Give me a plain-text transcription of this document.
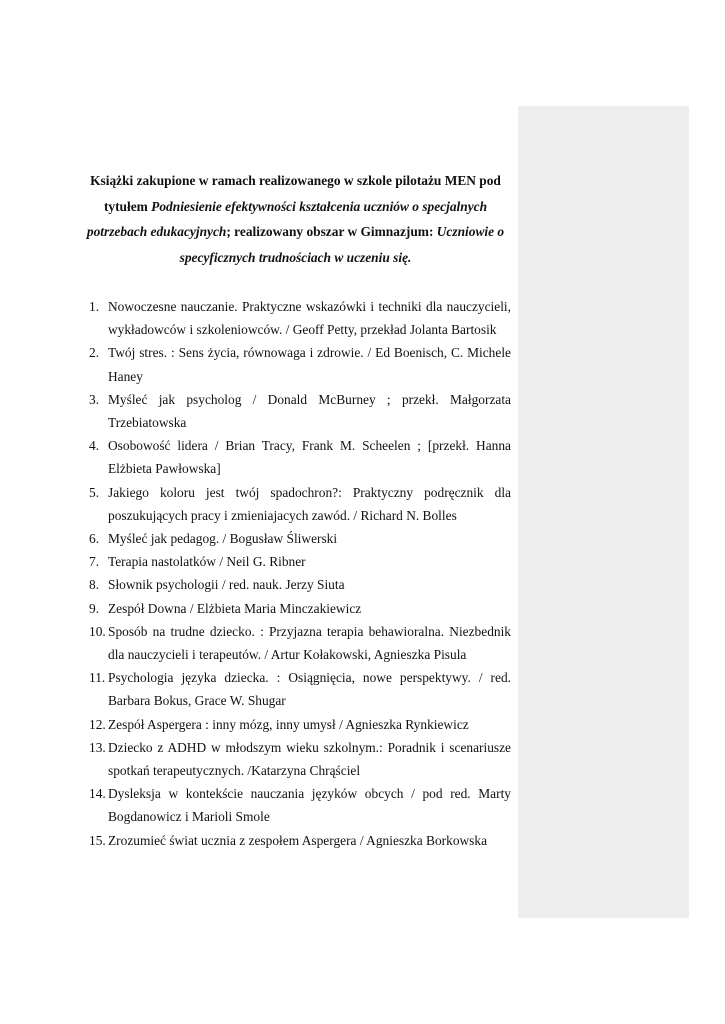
Książki zakupione w ramach realizowanego w szkole pilotażu MEN pod tytułem Podniesienie efektywności kształcenia uczniów o specjalnych potrzebach edukacyjnych; realizowany obszar w Gimnazjum: Uczniowie o specyficznych trudnościach w uczeniu się.

1. Nowoczesne nauczanie. Praktyczne wskazówki i techniki dla nauczycieli, wykładowców i szkoleniowców. / Geoff Petty, przekład Jolanta Bartosik
2. Twój stres. : Sens życia, równowaga i zdrowie. / Ed Boenisch, C. Michele Haney
3. Myśleć jak psycholog / Donald McBurney ; przekł. Małgorzata Trzebiatowska
4. Osobowość lidera / Brian Tracy, Frank M. Scheelen ; [przekł. Hanna Elżbieta Pawłowska]
5. Jakiego koloru jest twój spadochron?: Praktyczny podręcznik dla poszukujących pracy i zmieniajacych zawód. / Richard N. Bolles
6. Myśleć jak pedagog. / Bogusław Śliwerski
7. Terapia nastolatków / Neil G. Ribner
8. Słownik psychologii / red. nauk. Jerzy Siuta
9. Zespół Downa / Elżbieta Maria Minczakiewicz
10. Sposób na trudne dziecko. : Przyjazna terapia behawioralna. Niezbednik dla nauczycieli i terapeutów. / Artur Kołakowski, Agnieszka Pisula
11. Psychologia języka dziecka. : Osiągnięcia, nowe perspektywy. / red. Barbara Bokus, Grace W. Shugar
12. Zespół Aspergera : inny mózg, inny umysł / Agnieszka Rynkiewicz
13. Dziecko z ADHD w młodszym wieku szkolnym.: Poradnik i scenariusze spotkań terapeutycznych. /Katarzyna Chrąściel
14. Dysleksja w kontekście nauczania języków obcych / pod red. Marty Bogdanowicz i Marioli Smole
15. Zrozumieć świat ucznia z zespołem Aspergera / Agnieszka Borkowska
